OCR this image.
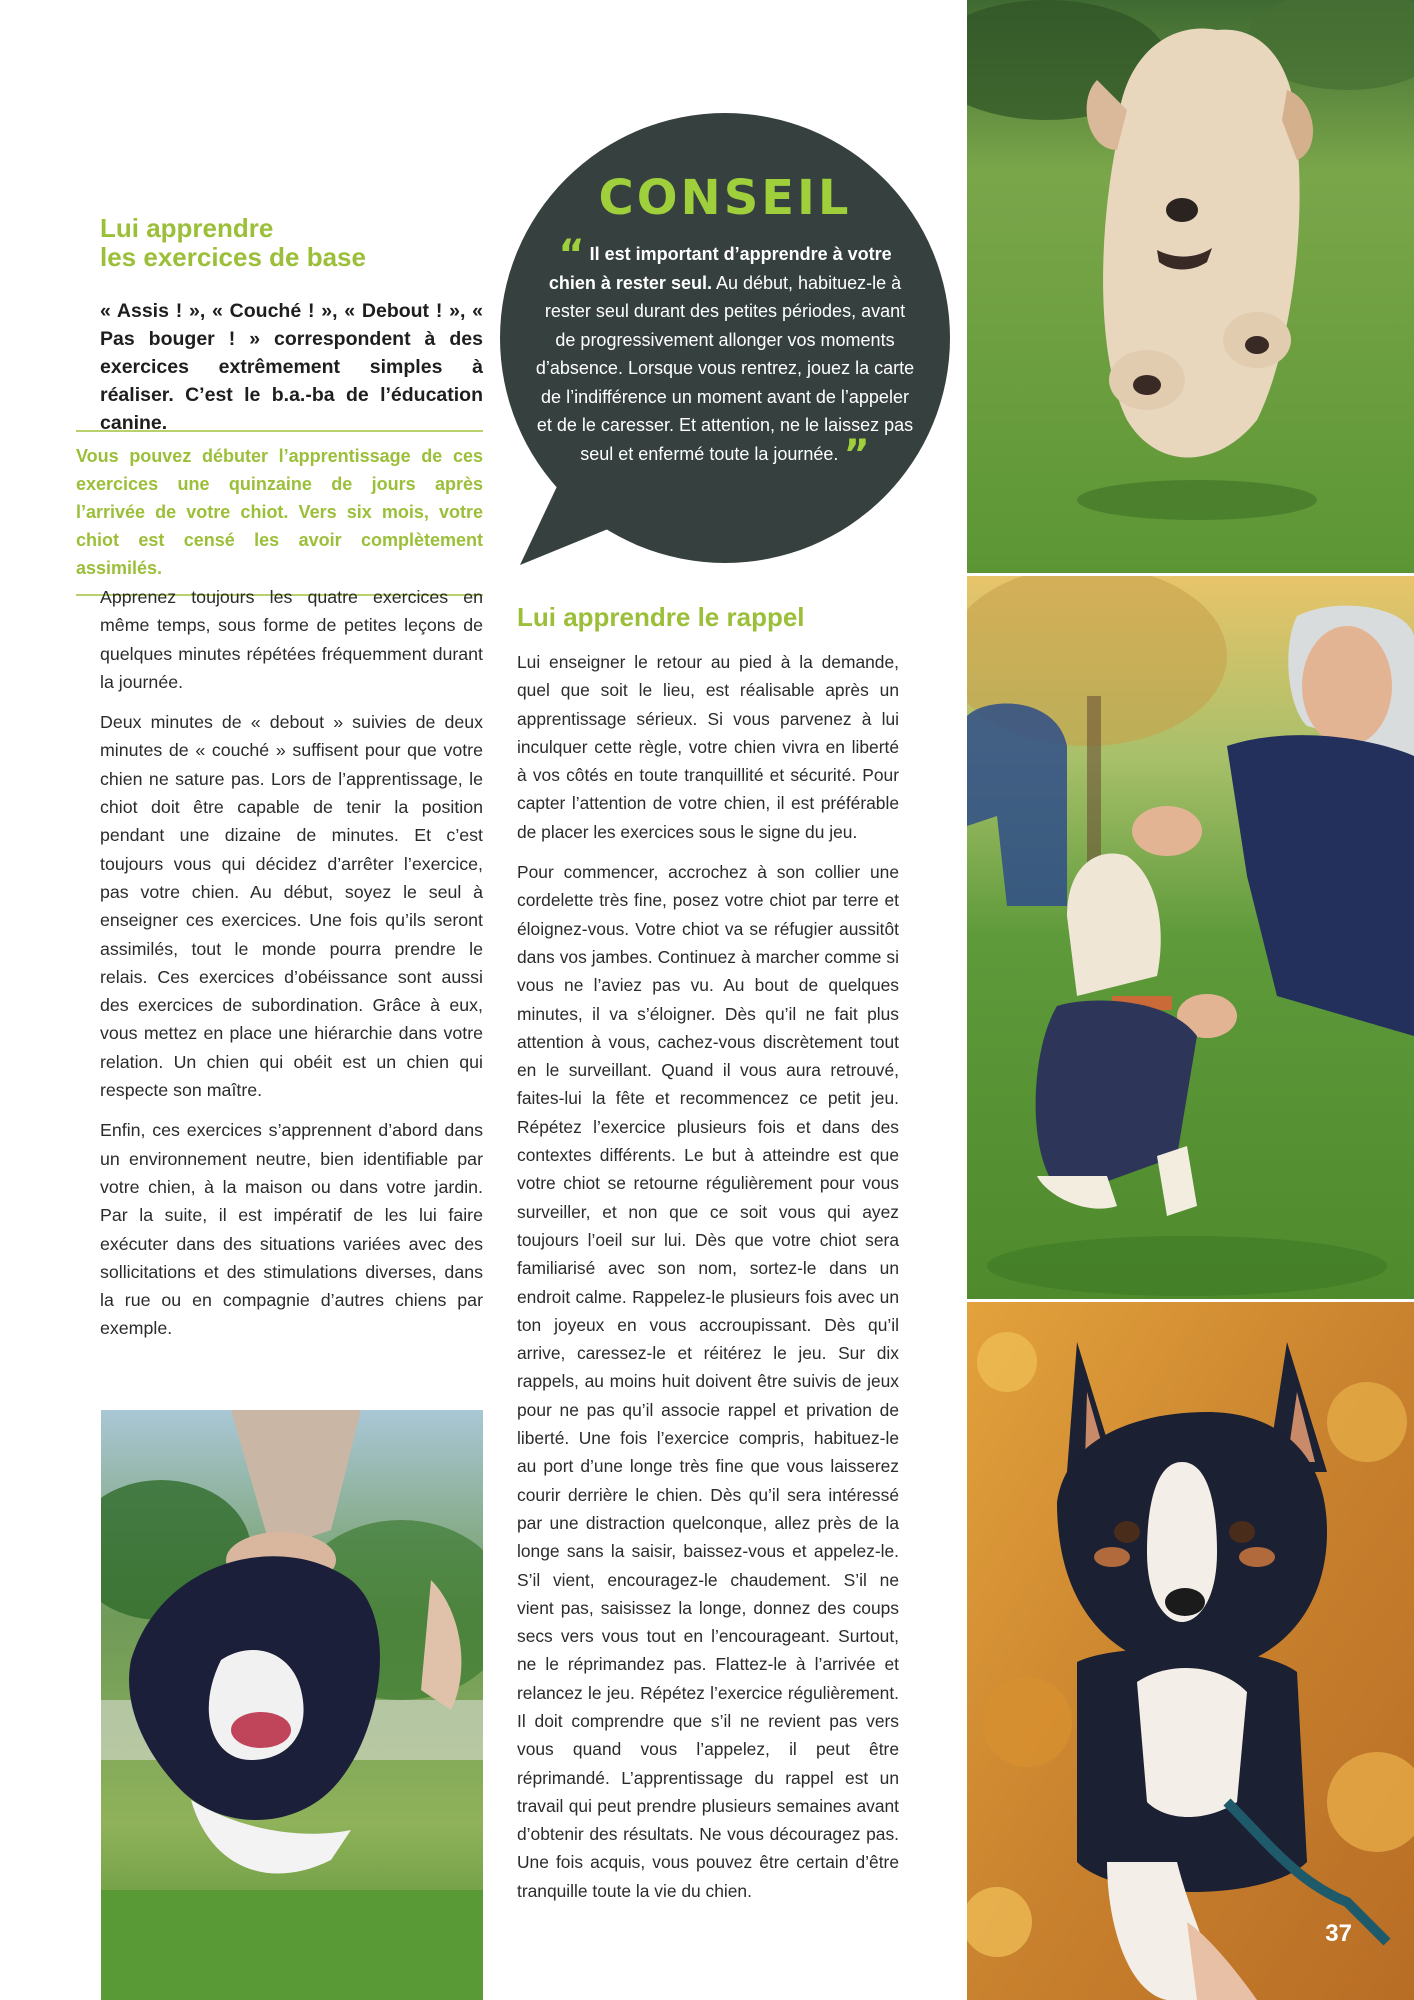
Lui apprendre
les exercices de base

« Assis ! », « Couché ! », « Debout ! », « Pas bouger ! » correspondent à des exercices extrêmement simples à réaliser. C’est le b.a.-ba de l’éducation canine.

Vous pouvez débuter l’apprentissage de ces exercices une quinzaine de jours après l’arrivée de votre chiot. Vers six mois, votre chiot est censé les avoir complètement assimilés.

Apprenez toujours les quatre exercices en même temps, sous forme de petites leçons de quelques minutes répétées fréquemment durant la journée.

Deux minutes de « debout » suivies de deux minutes de « couché » suffisent pour que votre chien ne sature pas. Lors de l’apprentissage, le chiot doit être capable de tenir la position pendant une dizaine de minutes. Et c’est toujours vous qui décidez d’arrêter l’exercice, pas votre chien. Au début, soyez le seul à enseigner ces exercices. Une fois qu’ils seront assimilés, tout le monde pourra prendre le relais. Ces exercices d’obéissance sont aussi des exercices de subordination. Grâce à eux, vous mettez en place une hiérarchie dans votre relation. Un chien qui obéit est un chien qui respecte son maître.

Enfin, ces exercices s’apprennent d’abord dans un environnement neutre, bien identifiable par votre chien, à la maison ou dans votre jardin. Par la suite, il est impératif de les lui faire exécuter dans des situations variées avec des sollicitations et des stimulations diverses, dans la rue ou en compagnie d’autres chiens par exemple.

CONSEIL

“ Il est important d’apprendre à votre chien à rester seul. Au début, habituez-le à rester seul durant des petites périodes, avant de progressivement allonger vos moments d’absence. Lorsque vous rentrez, jouez la carte de l’indifférence un moment avant de l’appeler et de le caresser. Et attention, ne le laissez pas seul et enfermé toute la journée. ”

Lui apprendre le rappel

Lui enseigner le retour au pied à la demande, quel que soit le lieu, est réalisable après un apprentissage sérieux. Si vous parvenez à lui inculquer cette règle, votre chien vivra en liberté à vos côtés en toute tranquillité et sécurité. Pour capter l’attention de votre chien, il est préférable de placer les exercices sous le signe du jeu.

Pour commencer, accrochez à son collier une cordelette très fine, posez votre chiot par terre et éloignez-vous. Votre chiot va se réfugier aussitôt dans vos jambes. Continuez à marcher comme si vous ne l’aviez pas vu. Au bout de quelques minutes, il va s’éloigner. Dès qu’il ne fait plus attention à vous, cachez-vous discrètement tout en le surveillant. Quand il vous aura retrouvé, faites-lui la fête et recommencez ce petit jeu. Répétez l’exercice plusieurs fois et dans des contextes différents. Le but à atteindre est que votre chiot se retourne régulièrement pour vous surveiller, et non que ce soit vous qui ayez toujours l’oeil sur lui. Dès que votre chiot sera familiarisé avec son nom, sortez-le dans un endroit calme. Rappelez-le plusieurs fois avec un ton joyeux en vous accroupissant. Dès qu’il arrive, caressez-le et réitérez le jeu. Sur dix rappels, au moins huit doivent être suivis de jeux pour ne pas qu’il associe rappel et privation de liberté. Une fois l’exercice compris, habituez-le au port d’une longe très fine que vous laisserez courir derrière le chien. Dès qu’il sera intéressé par une distraction quelconque, allez près de la longe sans la saisir, baissez-vous et appelez-le. S’il vient, encouragez-le chaudement. S’il ne vient pas, saisissez la longe, donnez des coups secs vers vous tout en l’encourageant. Surtout, ne le réprimandez pas. Flattez-le à l’arrivée et relancez le jeu. Répétez l’exercice régulièrement. Il doit comprendre que s’il ne revient pas vers vous quand vous l’appelez, il peut être réprimandé. L’apprentissage du rappel est un travail qui peut prendre plusieurs semaines avant d’obtenir des résultats. Ne vous découragez pas. Une fois acquis, vous pouvez être certain d’être tranquille toute la vie du chien.

37
